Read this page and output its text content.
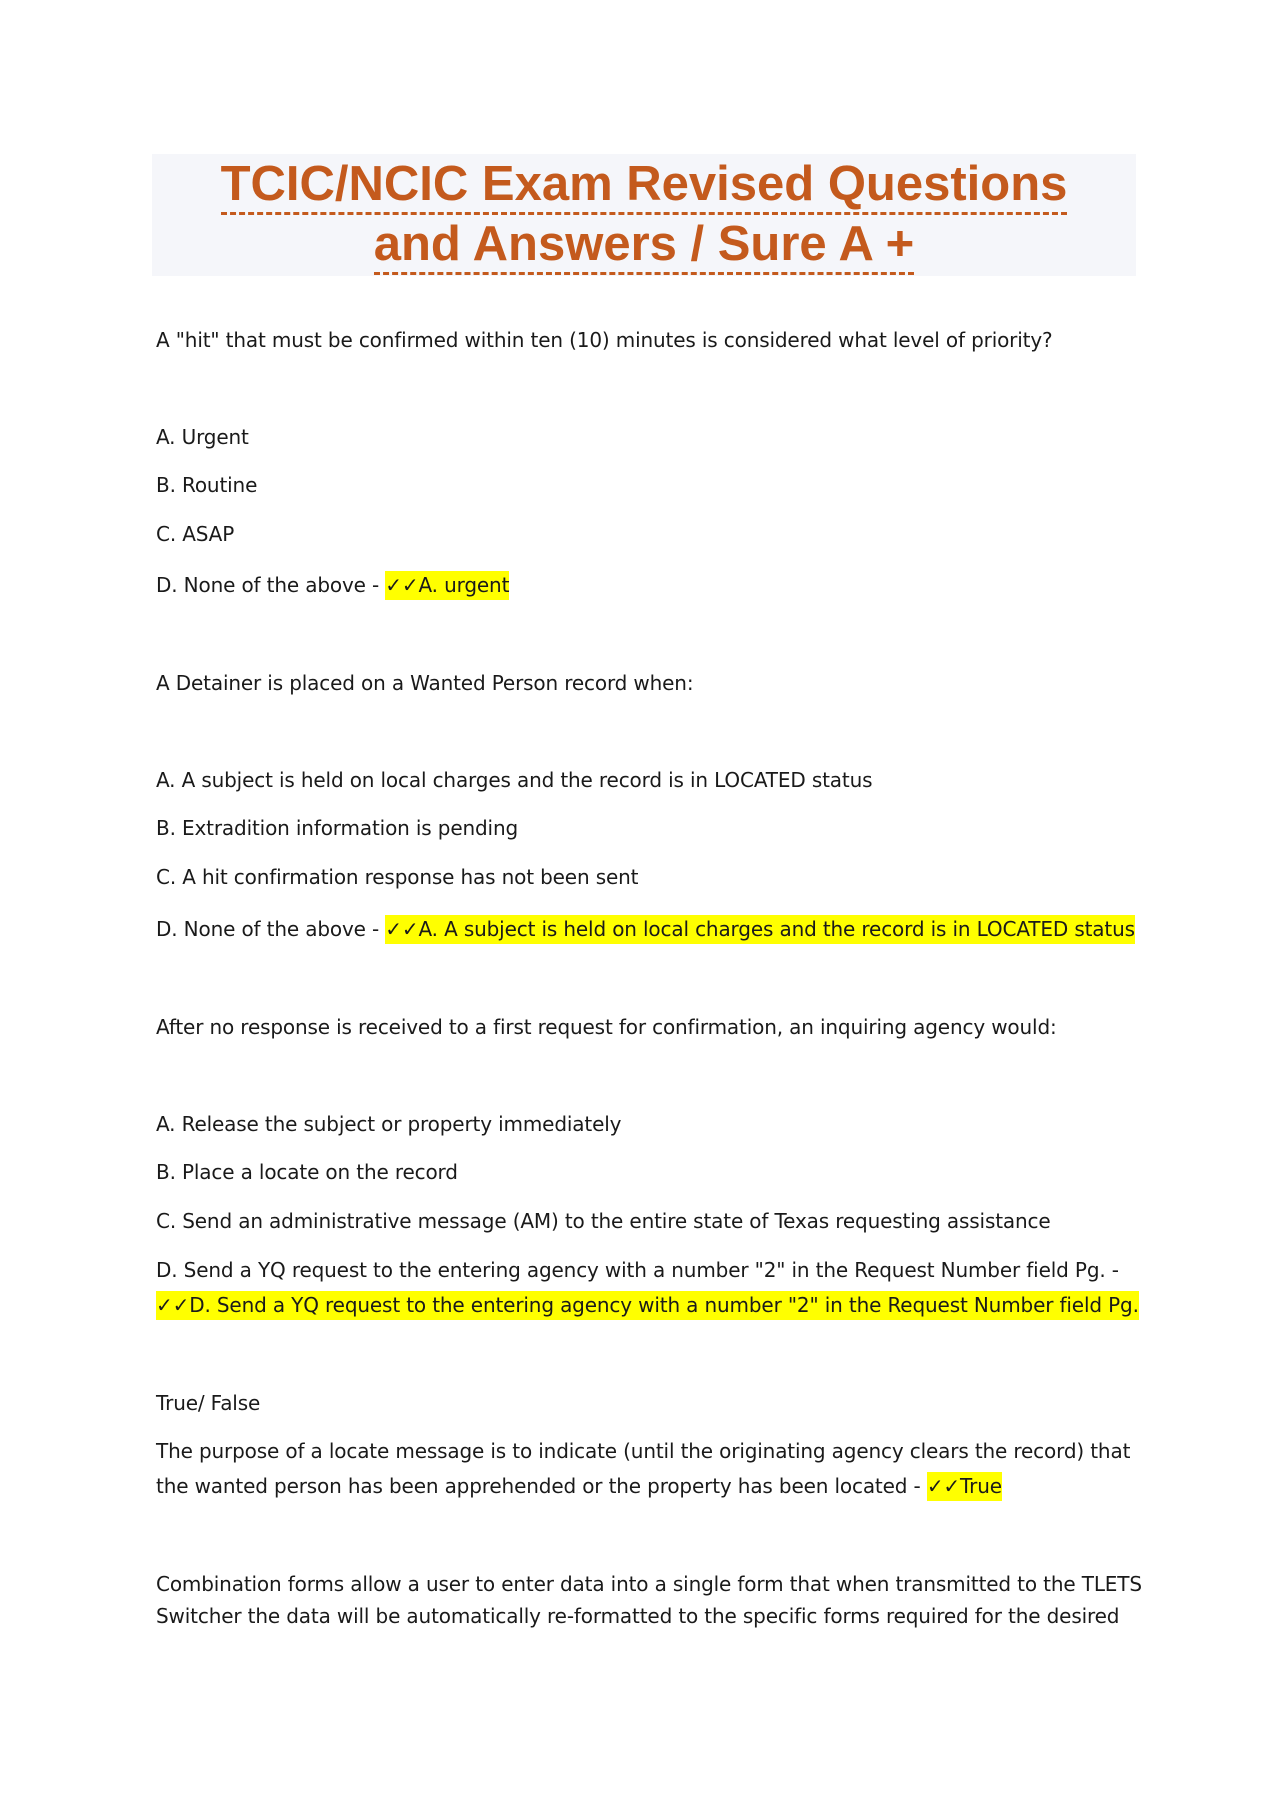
TCIC/NCIC Exam Revised Questions
and Answers / Sure A +
A "hit" that must be confirmed within ten (10) minutes is considered what level of priority?
A. Urgent
B. Routine
C. ASAP
D. None of the above - ✓✓A. urgent
A Detainer is placed on a Wanted Person record when:
A. A subject is held on local charges and the record is in LOCATED status
B. Extradition information is pending
C. A hit confirmation response has not been sent
D. None of the above - ✓✓A. A subject is held on local charges and the record is in LOCATED status
After no response is received to a first request for confirmation, an inquiring agency would:
A. Release the subject or property immediately
B. Place a locate on the record
C. Send an administrative message (AM) to the entire state of Texas requesting assistance
D. Send a YQ request to the entering agency with a number "2" in the Request Number field Pg. -
✓✓D. Send a YQ request to the entering agency with a number "2" in the Request Number field Pg.
True/ False
The purpose of a locate message is to indicate (until the originating agency clears the record) that
the wanted person has been apprehended or the property has been located - ✓✓True
Combination forms allow a user to enter data into a single form that when transmitted to the TLETS
Switcher the data will be automatically re-formatted to the specific forms required for the desired
